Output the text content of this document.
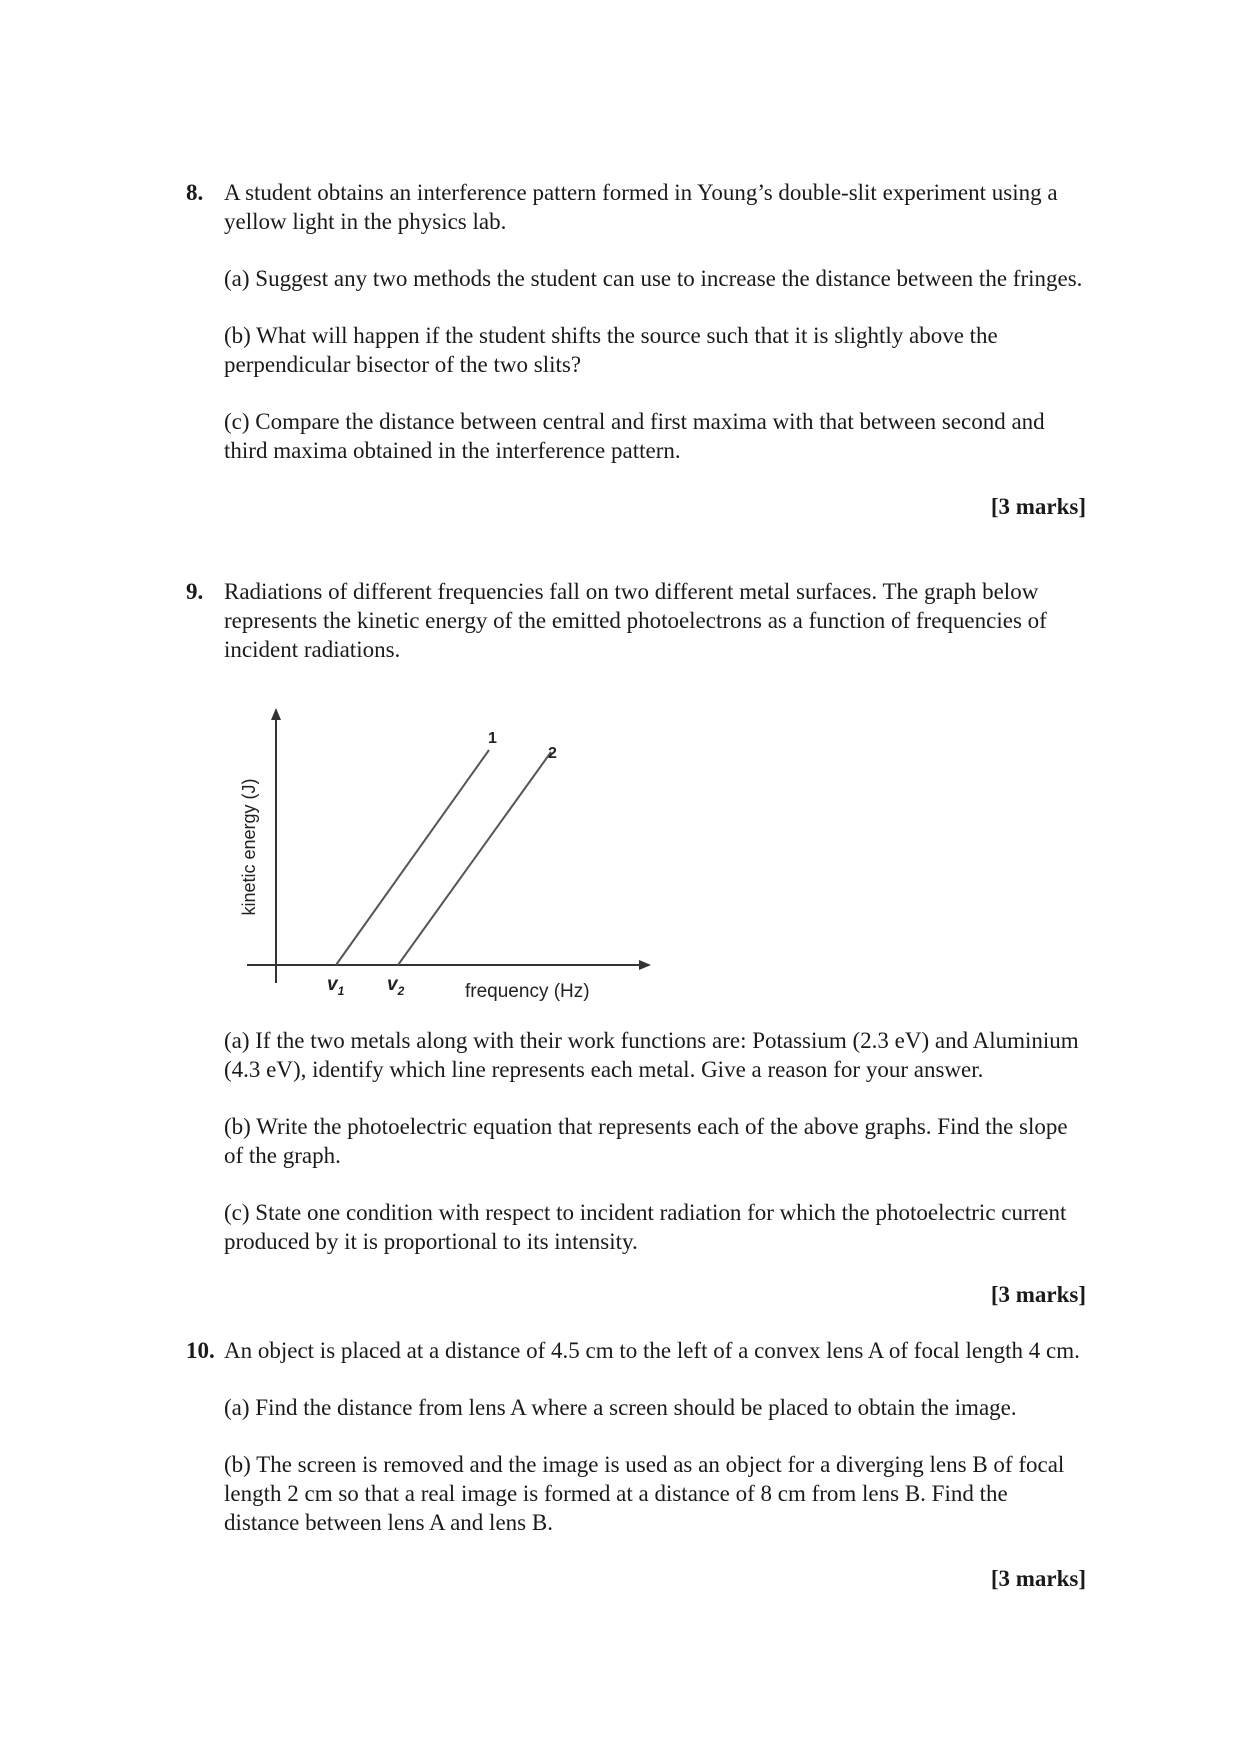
8. A student obtains an interference pattern formed in Young’s double-slit experiment using a yellow light in the physics lab.
(a) Suggest any two methods the student can use to increase the distance between the fringes.
(b) What will happen if the student shifts the source such that it is slightly above the perpendicular bisector of the two slits?
(c) Compare the distance between central and first maxima with that between second and third maxima obtained in the interference pattern.
[3 marks]
9. Radiations of different frequencies fall on two different metal surfaces. The graph below represents the kinetic energy of the emitted photoelectrons as a function of frequencies of incident radiations.
1
2
kinetic energy (J)
frequency (Hz)
$v_1$ $v_2$
(a) If the two metals along with their work functions are: Potassium (2.3 eV) and Aluminium (4.3 eV), identify which line represents each metal. Give a reason for your answer.
(b) Write the photoelectric equation that represents each of the above graphs. Find the slope of the graph.
(c) State one condition with respect to incident radiation for which the photoelectric current produced by it is proportional to its intensity.
[3 marks]
10. An object is placed at a distance of 4.5 cm to the left of a convex lens A of focal length 4 cm.
(a) Find the distance from lens A where a screen should be placed to obtain the image.
(b) The screen is removed and the image is used as an object for a diverging lens B of focal length 2 cm so that a real image is formed at a distance of 8 cm from lens B. Find the distance between lens A and lens B.
[3 marks]
